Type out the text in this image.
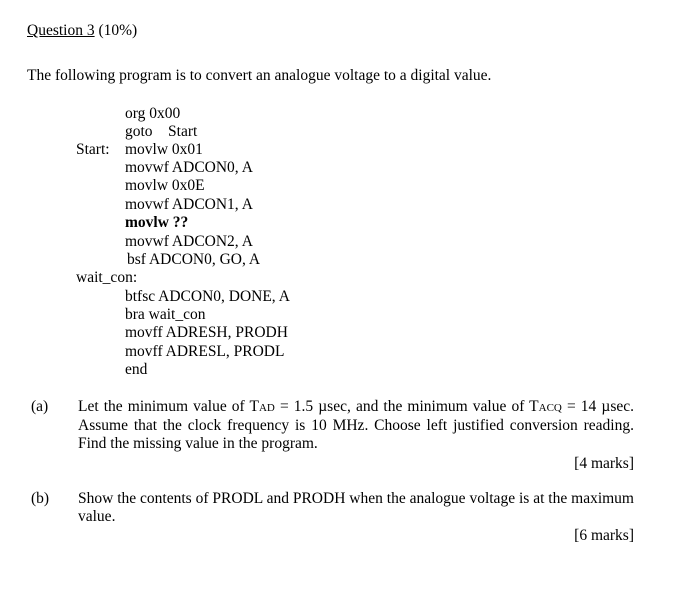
Question 3 (10%)
The following program is to convert an analogue voltage to a digital value.
org 0x00
goto    Start
Start: movlw 0x01
movwf ADCON0, A
movlw 0x0E
movwf ADCON1, A
movlw ??
movwf ADCON2, A
bsf ADCON0, GO, A
wait_con:
btfsc ADCON0, DONE, A
bra wait_con
movff ADRESH, PRODH
movff ADRESL, PRODL
end
(a) Let the minimum value of TAD = 1.5 µsec, and the minimum value of TACQ = 14 µsec. Assume that the clock frequency is 10 MHz. Choose left justified conversion reading. Find the missing value in the program.
[4 marks]
(b) Show the contents of PRODL and PRODH when the analogue voltage is at the maximum value.
[6 marks]
